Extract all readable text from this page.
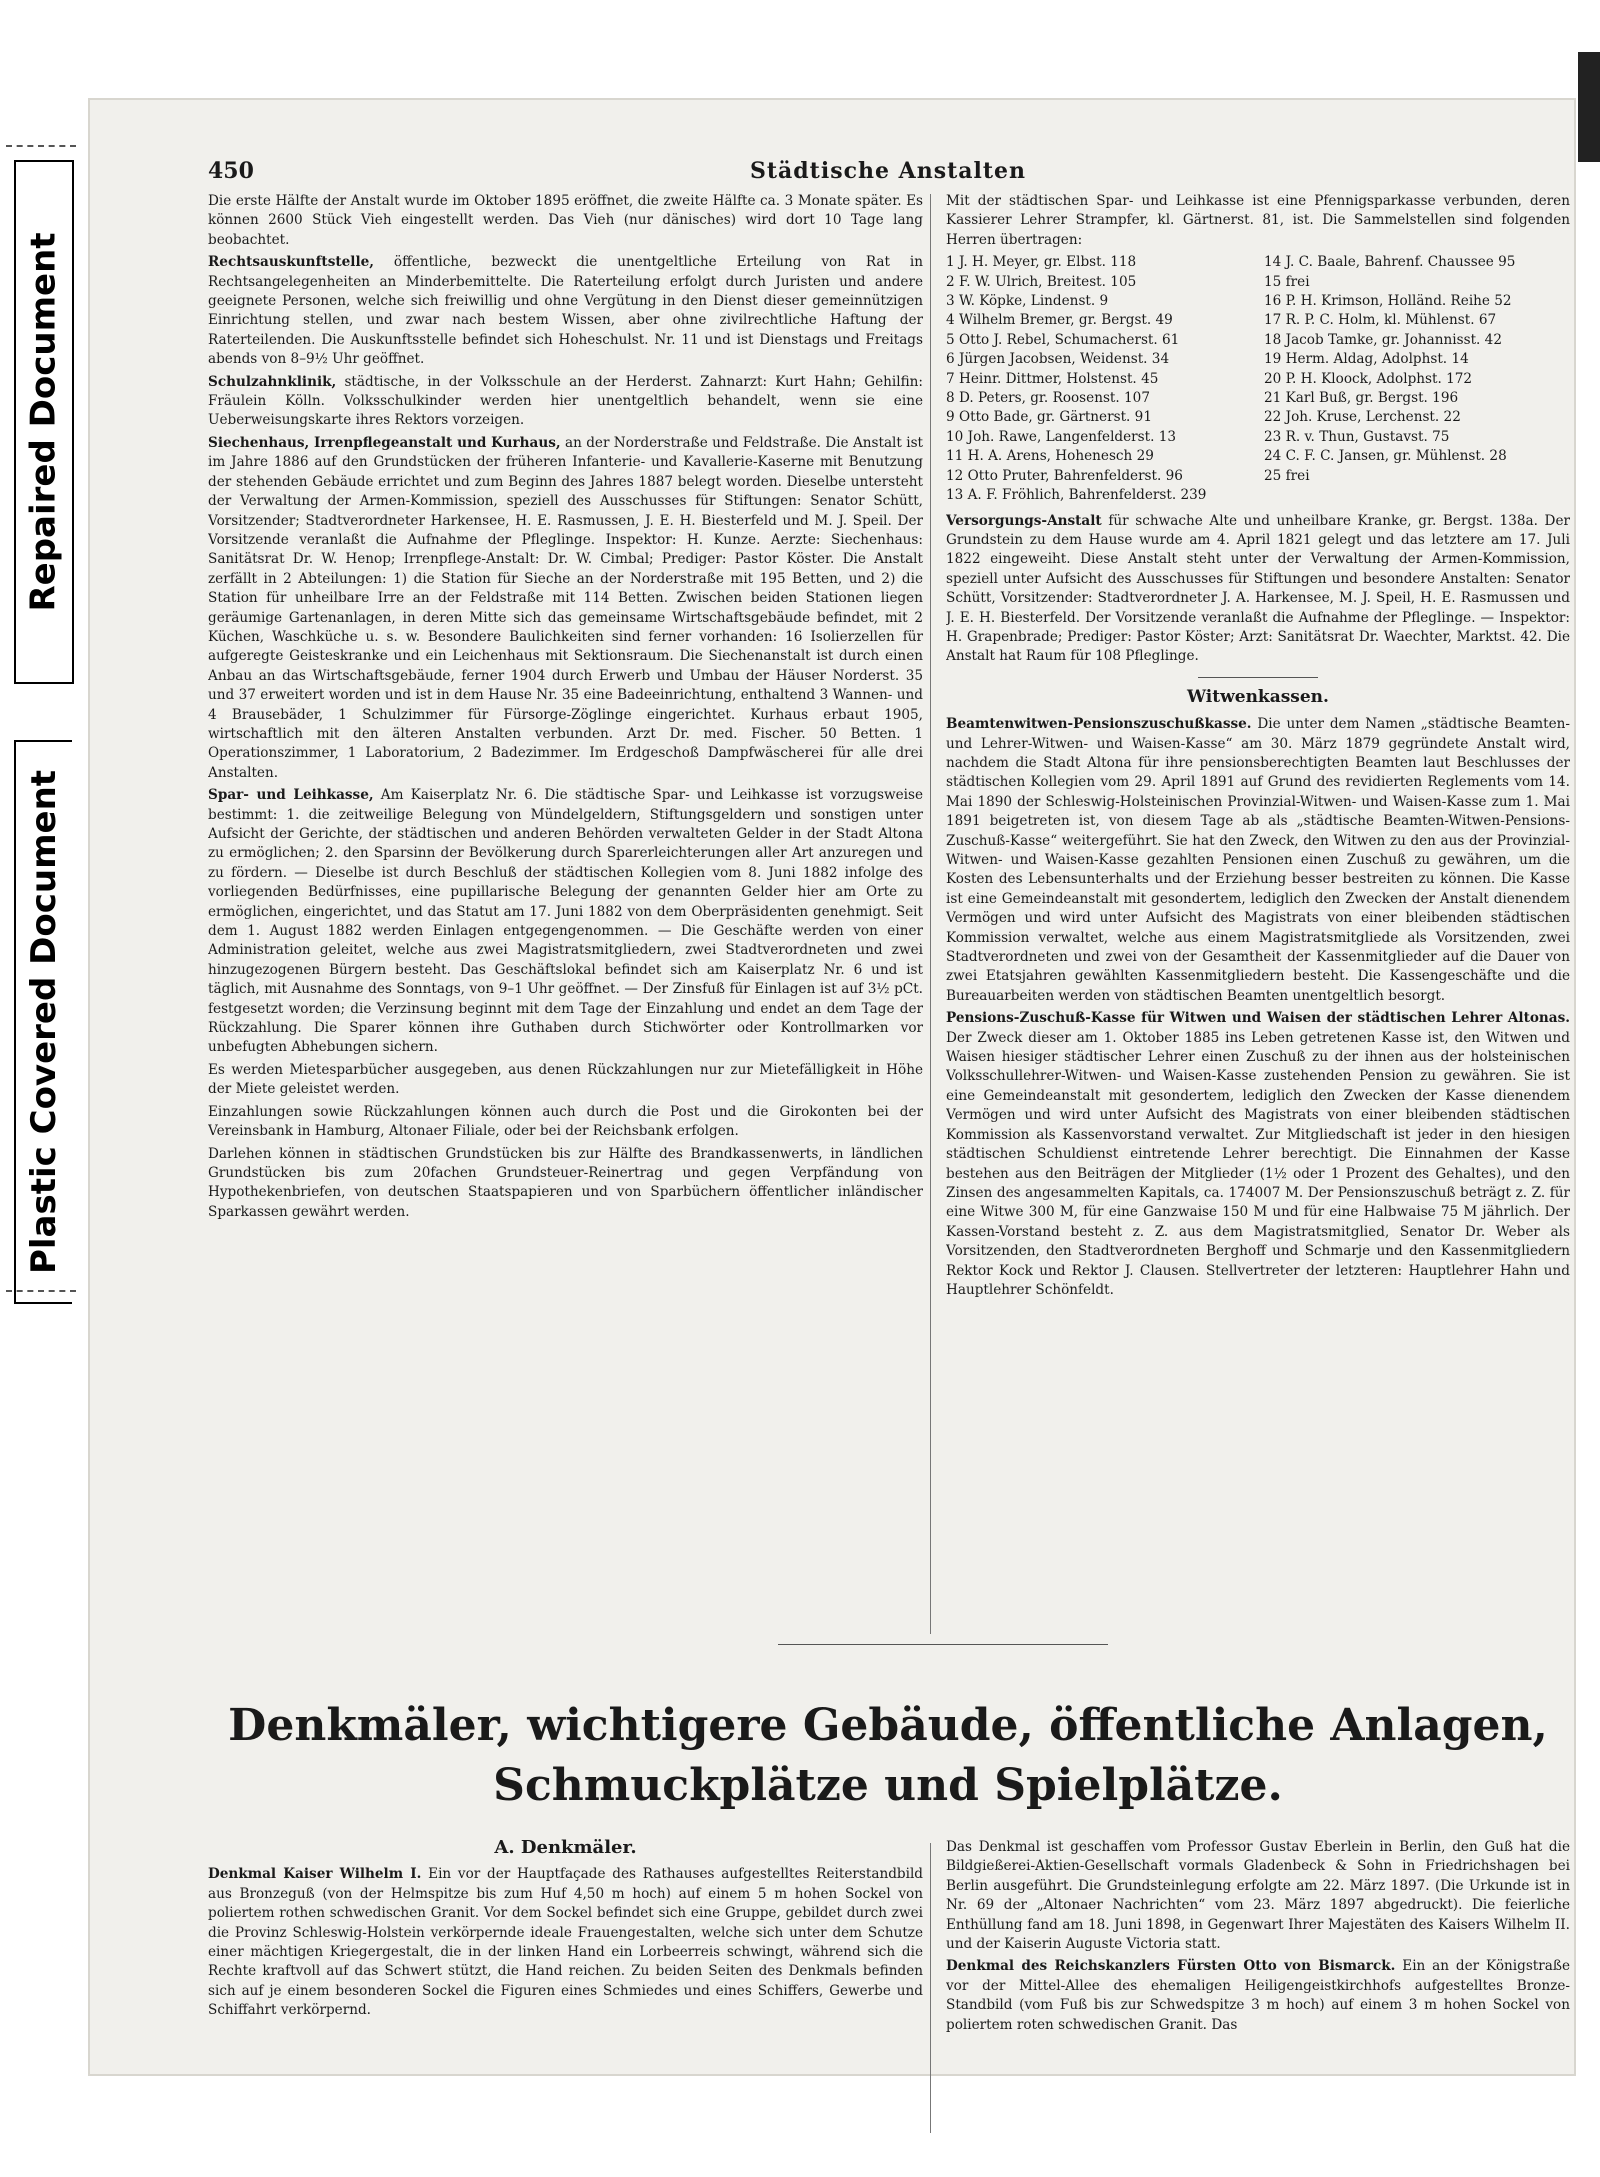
Repaired Document
Plastic Covered Document
450	Städtische Anstalten

Die erste Hälfte der Anstalt wurde im Oktober 1895 eröffnet, die zweite Hälfte ca. 3 Monate später. Es können 2600 Stück Vieh eingestellt werden. Das Vieh (nur dänisches) wird dort 10 Tage lang beobachtet.

Rechtsauskunftstelle, öffentliche, bezweckt die unentgeltliche Erteilung von Rat in Rechtsangelegenheiten an Minderbemittelte. Die Raterteilung erfolgt durch Juristen und andere geeignete Personen, welche sich freiwillig und ohne Vergütung in den Dienst dieser gemeinnützigen Einrichtung stellen, und zwar nach bestem Wissen, aber ohne zivilrechtliche Haftung der Raterteilenden. Die Auskunftsstelle befindet sich Hoheschulst. Nr. 11 und ist Dienstags und Freitags abends von 8–9½ Uhr geöffnet.

Schulzahnklinik, städtische, in der Volksschule an der Herderst. Zahnarzt: Kurt Hahn; Gehilfin: Fräulein Kölln. Volksschulkinder werden hier unentgeltlich behandelt, wenn sie eine Ueberweisungskarte ihres Rektors vorzeigen.

Siechenhaus, Irrenpflegeanstalt und Kurhaus, an der Norderstraße und Feldstraße. Die Anstalt ist im Jahre 1886 auf den Grundstücken der früheren Infanterie- und Kavallerie-Kaserne mit Benutzung der stehenden Gebäude errichtet und zum Beginn des Jahres 1887 belegt worden. Dieselbe untersteht der Verwaltung der Armen-Kommission, speziell des Ausschusses für Stiftungen: Senator Schütt, Vorsitzender; Stadtverordneter Harkensee, H. E. Rasmussen, J. E. H. Biesterfeld und M. J. Speil. Der Vorsitzende veranlaßt die Aufnahme der Pfleglinge. Inspektor: H. Kunze. Aerzte: Siechenhaus: Sanitätsrat Dr. W. Henop; Irrenpflege-Anstalt: Dr. W. Cimbal; Prediger: Pastor Köster. Die Anstalt zerfällt in 2 Abteilungen: 1) die Station für Sieche an der Norderstraße mit 195 Betten, und 2) die Station für unheilbare Irre an der Feldstraße mit 114 Betten. Zwischen beiden Stationen liegen geräumige Gartenanlagen, in deren Mitte sich das gemeinsame Wirtschaftsgebäude befindet, mit 2 Küchen, Waschküche u. s. w. Besondere Baulichkeiten sind ferner vorhanden: 16 Isolierzellen für aufgeregte Geisteskranke und ein Leichenhaus mit Sektionsraum. Die Siechenanstalt ist durch einen Anbau an das Wirtschaftsgebäude, ferner 1904 durch Erwerb und Umbau der Häuser Norderst. 35 und 37 erweitert worden und ist in dem Hause Nr. 35 eine Badeeinrichtung, enthaltend 3 Wannen- und 4 Brausebäder, 1 Schulzimmer für Fürsorge-Zöglinge eingerichtet. Kurhaus erbaut 1905, wirtschaftlich mit den älteren Anstalten verbunden. Arzt Dr. med. Fischer. 50 Betten. 1 Operationszimmer, 1 Laboratorium, 2 Badezimmer. Im Erdgeschoß Dampfwäscherei für alle drei Anstalten.

Spar- und Leihkasse, Am Kaiserplatz Nr. 6. Die städtische Spar- und Leihkasse ist vorzugsweise bestimmt: 1. die zeitweilige Belegung von Mündelgeldern, Stiftungsgeldern und sonstigen unter Aufsicht der Gerichte, der städtischen und anderen Behörden verwalteten Gelder in der Stadt Altona zu ermöglichen; 2. den Sparsinn der Bevölkerung durch Sparerleichterungen aller Art anzuregen und zu fördern. — Dieselbe ist durch Beschluß der städtischen Kollegien vom 8. Juni 1882 infolge des vorliegenden Bedürfnisses, eine pupillarische Belegung der genannten Gelder hier am Orte zu ermöglichen, eingerichtet, und das Statut am 17. Juni 1882 von dem Oberpräsidenten genehmigt. Seit dem 1. August 1882 werden Einlagen entgegengenommen. — Die Geschäfte werden von einer Administration geleitet, welche aus zwei Magistratsmitgliedern, zwei Stadtverordneten und zwei hinzugezogenen Bürgern besteht. Das Geschäftslokal befindet sich am Kaiserplatz Nr. 6 und ist täglich, mit Ausnahme des Sonntags, von 9–1 Uhr geöffnet. — Der Zinsfuß für Einlagen ist auf 3½ pCt. festgesetzt worden; die Verzinsung beginnt mit dem Tage der Einzahlung und endet an dem Tage der Rückzahlung. Die Sparer können ihre Guthaben durch Stichwörter oder Kontrollmarken vor unbefugten Abhebungen sichern.

Es werden Mietesparbücher ausgegeben, aus denen Rückzahlungen nur zur Mietefälligkeit in Höhe der Miete geleistet werden.

Einzahlungen sowie Rückzahlungen können auch durch die Post und die Girokonten bei der Vereinsbank in Hamburg, Altonaer Filiale, oder bei der Reichsbank erfolgen.

Darlehen können in städtischen Grundstücken bis zur Hälfte des Brandkassenwerts, in ländlichen Grundstücken bis zum 20fachen Grundsteuer-Reinertrag und gegen Verpfändung von Hypothekenbriefen, von deutschen Staatspapieren und von Sparbüchern öffentlicher inländischer Sparkassen gewährt werden.

Mit der städtischen Spar- und Leihkasse ist eine Pfennigsparkasse verbunden, deren Kassierer Lehrer Strampfer, kl. Gärtnerst. 81, ist. Die Sammelstellen sind folgenden Herren übertragen:

1 J. H. Meyer, gr. Elbst. 118	14 J. C. Baale, Bahrenf. Chaussee 95
2 F. W. Ulrich, Breitest. 105	15 frei
3 W. Köpke, Lindenst. 9	16 P. H. Krimson, Holländ. Reihe 52
4 Wilhelm Bremer, gr. Bergst. 49	17 R. P. C. Holm, kl. Mühlenst. 67
5 Otto J. Rebel, Schumacherst. 61	18 Jacob Tamke, gr. Johannisst. 42
6 Jürgen Jacobsen, Weidenst. 34	19 Herm. Aldag, Adolphst. 14
7 Heinr. Dittmer, Holstenst. 45	20 P. H. Kloock, Adolphst. 172
8 D. Peters, gr. Roosenst. 107	21 Karl Buß, gr. Bergst. 196
9 Otto Bade, gr. Gärtnerst. 91	22 Joh. Kruse, Lerchenst. 22
10 Joh. Rawe, Langenfelderst. 13	23 R. v. Thun, Gustavst. 75
11 H. A. Arens, Hohenesch 29	24 C. F. C. Jansen, gr. Mühlenst. 28
12 Otto Pruter, Bahrenfelderst. 96	25 frei
13 A. F. Fröhlich, Bahrenfelderst. 239

Versorgungs-Anstalt für schwache Alte und unheilbare Kranke, gr. Bergst. 138a. Der Grundstein zu dem Hause wurde am 4. April 1821 gelegt und das letztere am 17. Juli 1822 eingeweiht. Diese Anstalt steht unter der Verwaltung der Armen-Kommission, speziell unter Aufsicht des Ausschusses für Stiftungen und besondere Anstalten: Senator Schütt, Vorsitzender: Stadtverordneter J. A. Harkensee, M. J. Speil, H. E. Rasmussen und J. E. H. Biesterfeld. Der Vorsitzende veranlaßt die Aufnahme der Pfleglinge. — Inspektor: H. Grapenbrade; Prediger: Pastor Köster; Arzt: Sanitätsrat Dr. Waechter, Marktst. 42. Die Anstalt hat Raum für 108 Pfleglinge.

Witwenkassen.

Beamtenwitwen-Pensionszuschußkasse. Die unter dem Namen „städtische Beamten- und Lehrer-Witwen- und Waisen-Kasse“ am 30. März 1879 gegründete Anstalt wird, nachdem die Stadt Altona für ihre pensionsberechtigten Beamten laut Beschlusses der städtischen Kollegien vom 29. April 1891 auf Grund des revidierten Reglements vom 14. Mai 1890 der Schleswig-Holsteinischen Provinzial-Witwen- und Waisen-Kasse zum 1. Mai 1891 beigetreten ist, von diesem Tage ab als „städtische Beamten-Witwen-Pensions-Zuschuß-Kasse“ weitergeführt. Sie hat den Zweck, den Witwen zu den aus der Provinzial-Witwen- und Waisen-Kasse gezahlten Pensionen einen Zuschuß zu gewähren, um die Kosten des Lebensunterhalts und der Erziehung besser bestreiten zu können. Die Kasse ist eine Gemeindeanstalt mit gesondertem, lediglich den Zwecken der Anstalt dienendem Vermögen und wird unter Aufsicht des Magistrats von einer bleibenden städtischen Kommission verwaltet, welche aus einem Magistratsmitgliede als Vorsitzenden, zwei Stadtverordneten und zwei von der Gesamtheit der Kassenmitglieder auf die Dauer von zwei Etatsjahren gewählten Kassenmitgliedern besteht. Die Kassengeschäfte und die Bureauarbeiten werden von städtischen Beamten unentgeltlich besorgt.

Pensions-Zuschuß-Kasse für Witwen und Waisen der städtischen Lehrer Altonas. Der Zweck dieser am 1. Oktober 1885 ins Leben getretenen Kasse ist, den Witwen und Waisen hiesiger städtischer Lehrer einen Zuschuß zu der ihnen aus der holsteinischen Volksschullehrer-Witwen- und Waisen-Kasse zustehenden Pension zu gewähren. Sie ist eine Gemeindeanstalt mit gesondertem, lediglich den Zwecken der Kasse dienendem Vermögen und wird unter Aufsicht des Magistrats von einer bleibenden städtischen Kommission als Kassenvorstand verwaltet. Zur Mitgliedschaft ist jeder in den hiesigen städtischen Schuldienst eintretende Lehrer berechtigt. Die Einnahmen der Kasse bestehen aus den Beiträgen der Mitglieder (1½ oder 1 Prozent des Gehaltes), und den Zinsen des angesammelten Kapitals, ca. 174007 M. Der Pensionszuschuß beträgt z. Z. für eine Witwe 300 M, für eine Ganzwaise 150 M und für eine Halbwaise 75 M jährlich. Der Kassen-Vorstand besteht z. Z. aus dem Magistratsmitglied, Senator Dr. Weber als Vorsitzenden, den Stadtverordneten Berghoff und Schmarje und den Kassenmitgliedern Rektor Kock und Rektor J. Clausen. Stellvertreter der letzteren: Hauptlehrer Hahn und Hauptlehrer Schönfeldt.

Denkmäler, wichtigere Gebäude, öffentliche Anlagen,
Schmuckplätze und Spielplätze.
A. Denkmäler.

Denkmal Kaiser Wilhelm I. Ein vor der Hauptfaçade des Rathauses aufgestelltes Reiterstandbild aus Bronzeguß (von der Helmspitze bis zum Huf 4,50 m hoch) auf einem 5 m hohen Sockel von poliertem rothen schwedischen Granit. Vor dem Sockel befindet sich eine Gruppe, gebildet durch zwei die Provinz Schleswig-Holstein verkörpernde ideale Frauengestalten, welche sich unter dem Schutze einer mächtigen Kriegergestalt, die in der linken Hand ein Lorbeerreis schwingt, während sich die Rechte kraftvoll auf das Schwert stützt, die Hand reichen. Zu beiden Seiten des Denkmals befinden sich auf je einem besonderen Sockel die Figuren eines Schmiedes und eines Schiffers, Gewerbe und Schiffahrt verkörpernd.

Das Denkmal ist geschaffen vom Professor Gustav Eberlein in Berlin, den Guß hat die Bildgießerei-Aktien-Gesellschaft vormals Gladenbeck & Sohn in Friedrichshagen bei Berlin ausgeführt. Die Grundsteinlegung erfolgte am 22. März 1897. (Die Urkunde ist in Nr. 69 der „Altonaer Nachrichten“ vom 23. März 1897 abgedruckt). Die feierliche Enthüllung fand am 18. Juni 1898, in Gegenwart Ihrer Majestäten des Kaisers Wilhelm II. und der Kaiserin Auguste Victoria statt.

Denkmal des Reichskanzlers Fürsten Otto von Bismarck. Ein an der Königstraße vor der Mittel-Allee des ehemaligen Heiligengeistkirchhofs aufgestelltes Bronze-Standbild (vom Fuß bis zur Schwedspitze 3 m hoch) auf einem 3 m hohen Sockel von poliertem roten schwedischen Granit. Das
